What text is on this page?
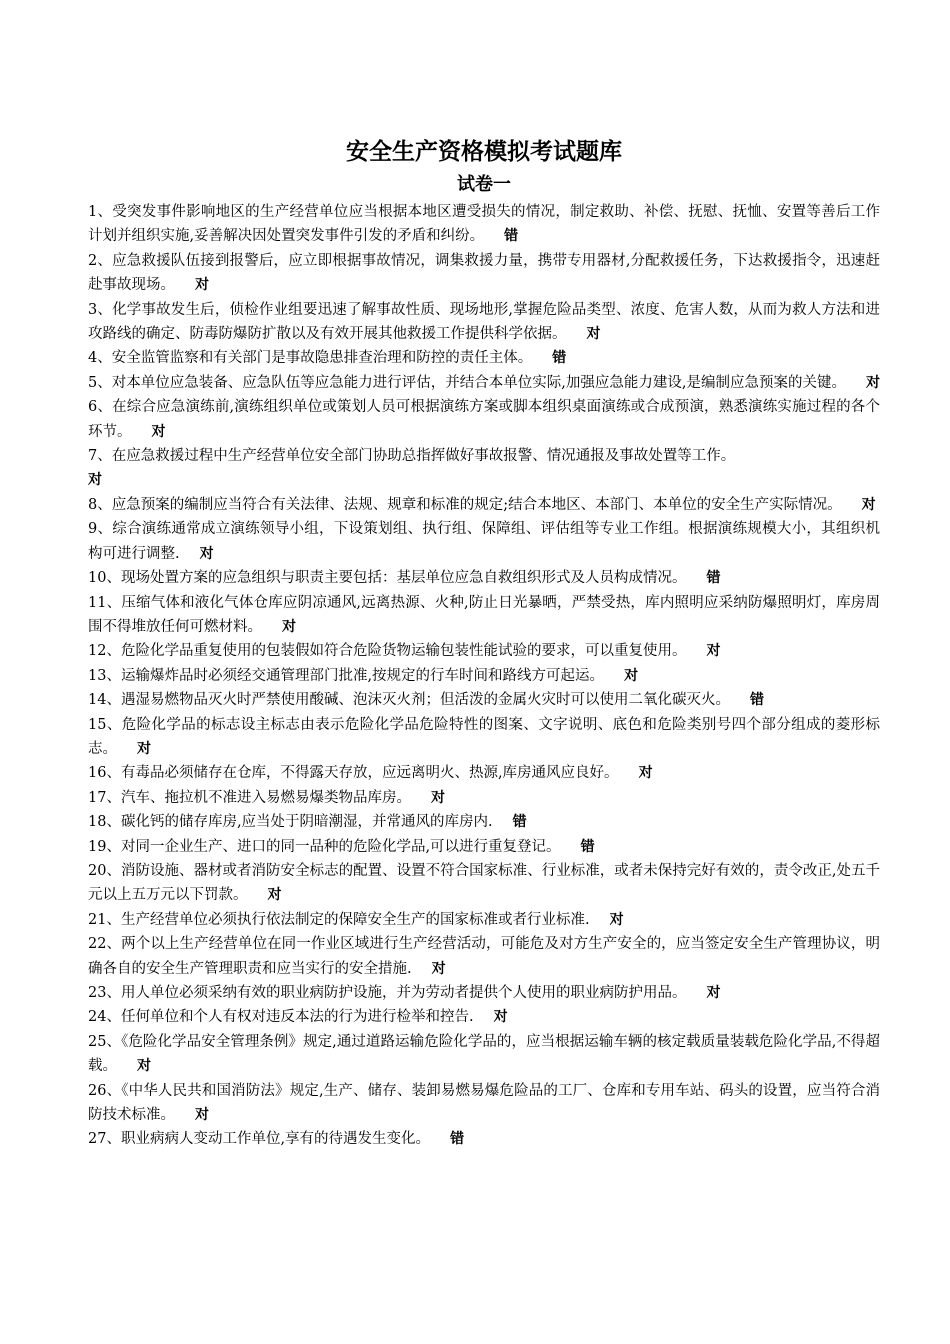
安全生产资格模拟考试题库
试卷一
1、受突发事件影响地区的生产经营单位应当根据本地区遭受损失的情况，制定救助、补偿、抚慰、抚恤、安置等善后工作计划并组织实施,妥善解决因处置突发事件引发的矛盾和纠纷。 错
2、应急救援队伍接到报警后，应立即根据事故情况，调集救援力量，携带专用器材,分配救援任务，下达救援指令，迅速赶赴事故现场。 对
3、化学事故发生后，侦检作业组要迅速了解事故性质、现场地形,掌握危险品类型、浓度、危害人数，从而为救人方法和进攻路线的确定、防毒防爆防扩散以及有效开展其他救援工作提供科学依据。 对
4、安全监管监察和有关部门是事故隐患排查治理和防控的责任主体。 错
5、对本单位应急装备、应急队伍等应急能力进行评估，并结合本单位实际,加强应急能力建设,是编制应急预案的关键。 对
6、在综合应急演练前,演练组织单位或策划人员可根据演练方案或脚本组织桌面演练或合成预演，熟悉演练实施过程的各个环节。 对
7、在应急救援过程中生产经营单位安全部门协助总指挥做好事故报警、情况通报及事故处置等工作。
对
8、应急预案的编制应当符合有关法律、法规、规章和标准的规定;结合本地区、本部门、本单位的安全生产实际情况。 对
9、综合演练通常成立演练领导小组，下设策划组、执行组、保障组、评估组等专业工作组。根据演练规模大小，其组织机构可进行调整. 对
10、现场处置方案的应急组织与职责主要包括：基层单位应急自救组织形式及人员构成情况。 错
11、压缩气体和液化气体仓库应阴凉通风,远离热源、火种,防止日光暴晒，严禁受热，库内照明应采纳防爆照明灯，库房周围不得堆放任何可燃材料。 对
12、危险化学品重复使用的包装假如符合危险货物运输包装性能试验的要求，可以重复使用。 对
13、运输爆炸品时必须经交通管理部门批准,按规定的行车时间和路线方可起运。 对
14、遇湿易燃物品灭火时严禁使用酸碱、泡沫灭火剂；但活泼的金属火灾时可以使用二氧化碳灭火。 错
15、危险化学品的标志设主标志由表示危险化学品危险特性的图案、文字说明、底色和危险类别号四个部分组成的菱形标志。 对
16、有毒品必须储存在仓库，不得露天存放，应远离明火、热源,库房通风应良好。 对
17、汽车、拖拉机不准进入易燃易爆类物品库房。 对
18、碳化钙的储存库房,应当处于阴暗潮湿，并常通风的库房内. 错
19、对同一企业生产、进口的同一品种的危险化学品,可以进行重复登记。 错
20、消防设施、器材或者消防安全标志的配置、设置不符合国家标准、行业标准，或者未保持完好有效的，责令改正,处五千元以上五万元以下罚款。 对
21、生产经营单位必须执行依法制定的保障安全生产的国家标准或者行业标准. 对
22、两个以上生产经营单位在同一作业区域进行生产经营活动，可能危及对方生产安全的，应当签定安全生产管理协议，明确各自的安全生产管理职责和应当实行的安全措施. 对
23、用人单位必须采纳有效的职业病防护设施，并为劳动者提供个人使用的职业病防护用品。 对
24、任何单位和个人有权对违反本法的行为进行检举和控告. 对
25、《危险化学品安全管理条例》规定,通过道路运输危险化学品的，应当根据运输车辆的核定载质量装载危险化学品,不得超载。 对
26、《中华人民共和国消防法》规定,生产、储存、装卸易燃易爆危险品的工厂、仓库和专用车站、码头的设置，应当符合消防技术标准。 对
27、职业病病人变动工作单位,享有的待遇发生变化。 错
